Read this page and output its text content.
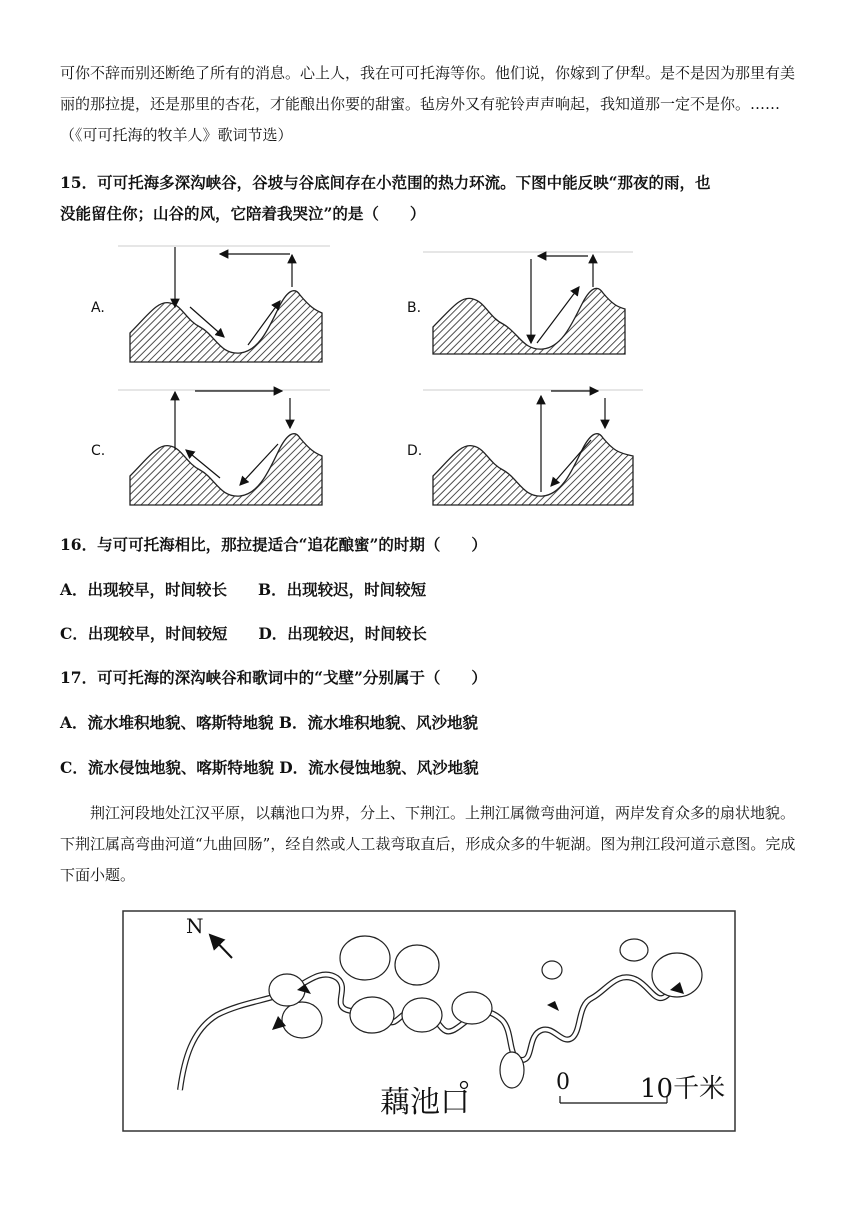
可你不辞而别还断绝了所有的消息。心上人，我在可可托海等你。他们说，你嫁到了伊犁。是不是因为那里有美丽的那拉提，还是那里的杏花，才能酿出你要的甜蜜。毡房外又有驼铃声声响起，我知道那一定不是你。……（《可可托海的牧羊人》歌词节选）
15．可可托海多深沟峡谷，谷坡与谷底间存在小范围的热力环流。下图中能反映“那夜的雨，也
没能留住你；山谷的风，它陪着我哭泣”的是（　　）
A.	B.
C.	D.
16．与可可托海相比，那拉提适合“追花酿蜜”的时期（　　）
A．出现较早，时间较长　　B．出现较迟，时间较短
C．出现较早，时间较短　　D．出现较迟，时间较长
17．可可托海的深沟峡谷和歌词中的“戈壁”分别属于（　　）
A．流水堆积地貌、喀斯特地貌 B．流水堆积地貌、风沙地貌
C．流水侵蚀地貌、喀斯特地貌 D．流水侵蚀地貌、风沙地貌
荆江河段地处江汉平原，以藕池口为界，分上、下荆江。上荆江属微弯曲河道，两岸发育众多的扇状地貌。下荆江属高弯曲河道“九曲回肠”，经自然或人工裁弯取直后，形成众多的牛轭湖。图为荆江段河道示意图。完成下面小题。
N
藕池口
0	10千米
